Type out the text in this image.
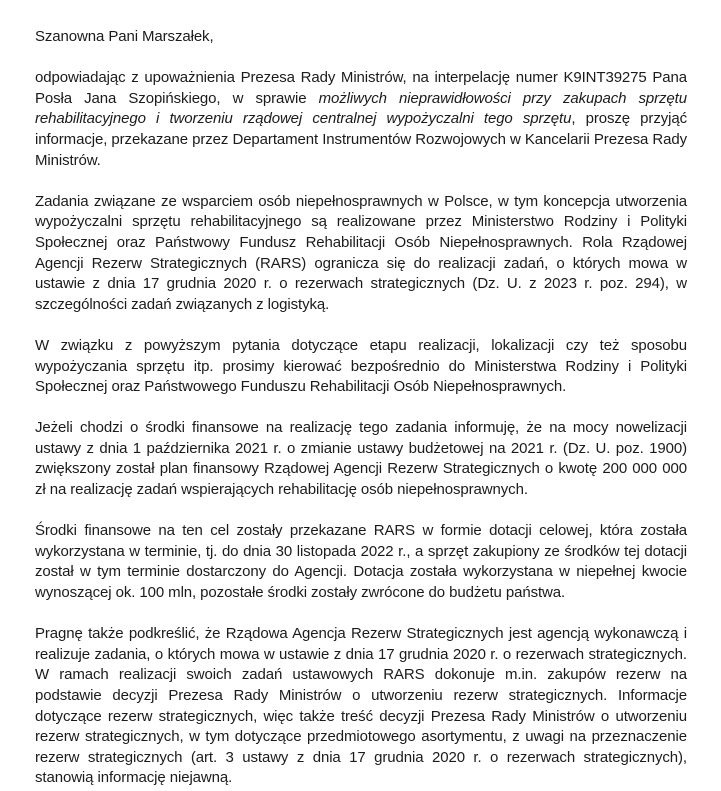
Szanowna Pani Marszałek,

odpowiadając z upoważnienia Prezesa Rady Ministrów, na interpelację numer K9INT39275 Pana Posła Jana Szopińskiego, w sprawie możliwych nieprawidłowości przy zakupach sprzętu rehabilitacyjnego i tworzeniu rządowej centralnej wypożyczalni tego sprzętu, proszę przyjąć informacje, przekazane przez Departament Instrumentów Rozwojowych w Kancelarii Prezesa Rady Ministrów.

Zadania związane ze wsparciem osób niepełnosprawnych w Polsce, w tym koncepcja utworzenia wypożyczalni sprzętu rehabilitacyjnego są realizowane przez Ministerstwo Rodziny i Polityki Społecznej oraz Państwowy Fundusz Rehabilitacji Osób Niepełnosprawnych. Rola Rządowej Agencji Rezerw Strategicznych (RARS) ogranicza się do realizacji zadań, o których mowa w ustawie z dnia 17 grudnia 2020 r. o rezerwach strategicznych (Dz. U. z 2023 r. poz. 294), w szczególności zadań związanych z logistyką.

W związku z powyższym pytania dotyczące etapu realizacji, lokalizacji czy też sposobu wypożyczania sprzętu itp. prosimy kierować bezpośrednio do Ministerstwa Rodziny i Polityki Społecznej oraz Państwowego Funduszu Rehabilitacji Osób Niepełnosprawnych.

Jeżeli chodzi o środki finansowe na realizację tego zadania informuję, że na mocy nowelizacji ustawy z dnia 1 października 2021 r. o zmianie ustawy budżetowej na 2021 r. (Dz. U. poz. 1900) zwiększony został plan finansowy Rządowej Agencji Rezerw Strategicznych o kwotę 200 000 000 zł na realizację zadań wspierających rehabilitację osób niepełnosprawnych.

Środki finansowe na ten cel zostały przekazane RARS w formie dotacji celowej, która została wykorzystana w terminie, tj. do dnia 30 listopada 2022 r., a sprzęt zakupiony ze środków tej dotacji został w tym terminie dostarczony do Agencji. Dotacja została wykorzystana w niepełnej kwocie wynoszącej ok. 100 mln, pozostałe środki zostały zwrócone do budżetu państwa.

Pragnę także podkreślić, że Rządowa Agencja Rezerw Strategicznych jest agencją wykonawczą i realizuje zadania, o których mowa w ustawie z dnia 17 grudnia 2020 r. o rezerwach strategicznych. W ramach realizacji swoich zadań ustawowych RARS dokonuje m.in. zakupów rezerw na podstawie decyzji Prezesa Rady Ministrów o utworzeniu rezerw strategicznych. Informacje dotyczące rezerw strategicznych, więc także treść decyzji Prezesa Rady Ministrów o utworzeniu rezerw strategicznych, w tym dotyczące przedmiotowego asortymentu, z uwagi na przeznaczenie rezerw strategicznych (art. 3 ustawy z dnia 17 grudnia 2020 r. o rezerwach strategicznych), stanowią informację niejawną.
